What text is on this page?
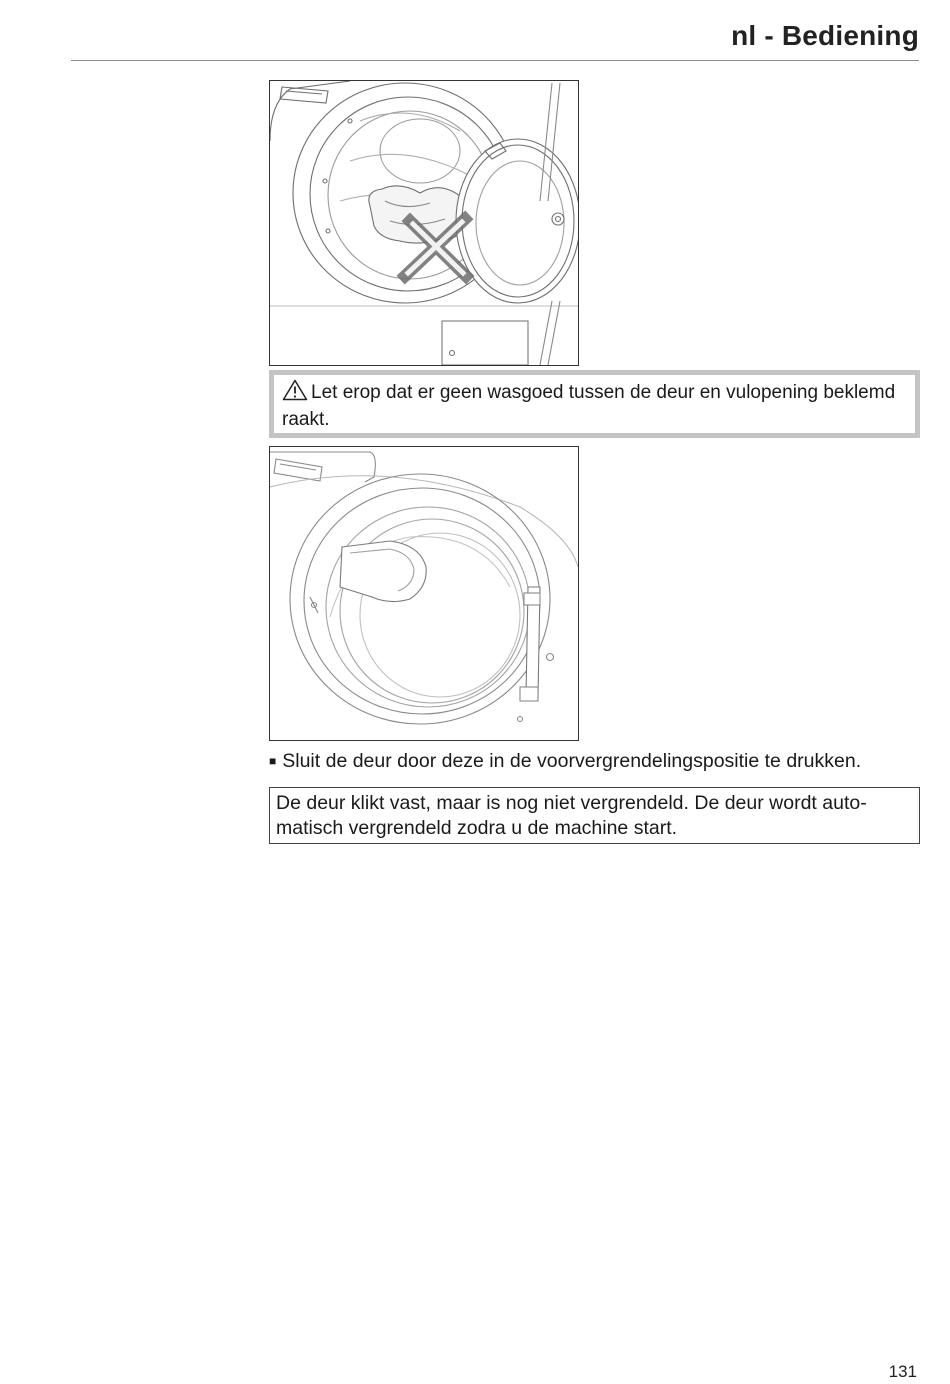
nl - Bediening
Let erop dat er geen wasgoed tussen de deur en vulopening beklemd raakt.
■ Sluit de deur door deze in de voorvergrendelingspositie te drukken.
De deur klikt vast, maar is nog niet vergrendeld. De deur wordt automatisch vergrendeld zodra u de machine start.
131
